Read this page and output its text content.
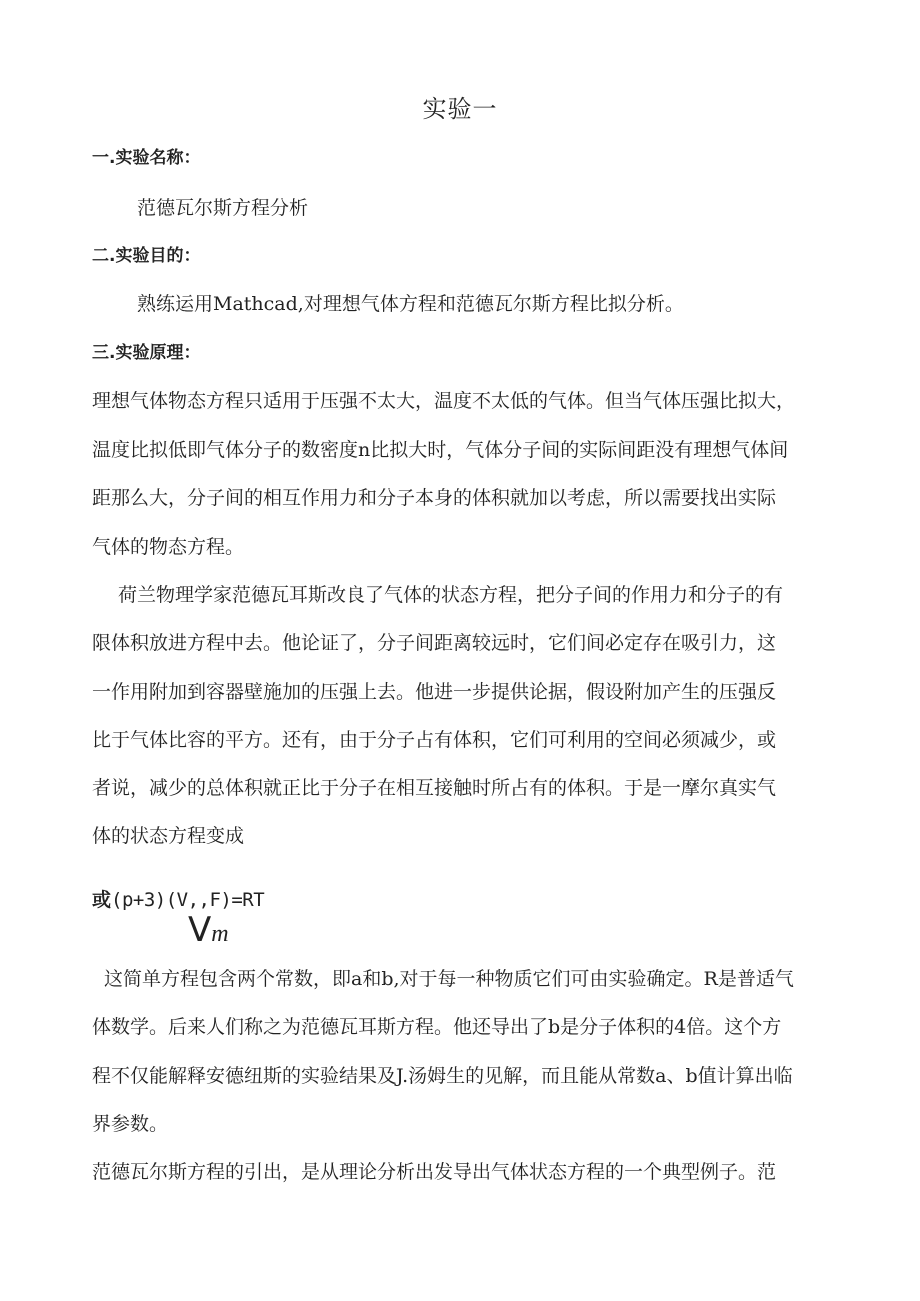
实验一
一.实验名称：
范德瓦尔斯方程分析
二.实验目的：
熟练运用Mathcad,对理想气体方程和范德瓦尔斯方程比拟分析。
三.实验原理：
理想气体物态方程只适用于压强不太大，温度不太低的气体。但当气体压强比拟大，
温度比拟低即气体分子的数密度n比拟大时，气体分子间的实际间距没有理想气体间
距那么大，分子间的相互作用力和分子本身的体积就加以考虑，所以需要找出实际
气体的物态方程。
荷兰物理学家范德瓦耳斯改良了气体的状态方程，把分子间的作用力和分子的有
限体积放进方程中去。他论证了，分子间距离较远时，它们间必定存在吸引力，这
一作用附加到容器壁施加的压强上去。他进一步提供论据，假设附加产生的压强反
比于气体比容的平方。还有，由于分子占有体积，它们可利用的空间必须减少，或
者说，减少的总体积就正比于分子在相互接触时所占有的体积。于是一摩尔真实气
体的状态方程变成
或(p+3)(V,,F)=RT
Vm
这简单方程包含两个常数，即a和b,对于每一种物质它们可由实验确定。R是普适气
体数学。后来人们称之为范德瓦耳斯方程。他还导出了b是分子体积的4倍。这个方
程不仅能解释安德纽斯的实验结果及J.汤姆生的见解，而且能从常数a、b值计算出临
界参数。
范德瓦尔斯方程的引出，是从理论分析出发导出气体状态方程的一个典型例子。范
